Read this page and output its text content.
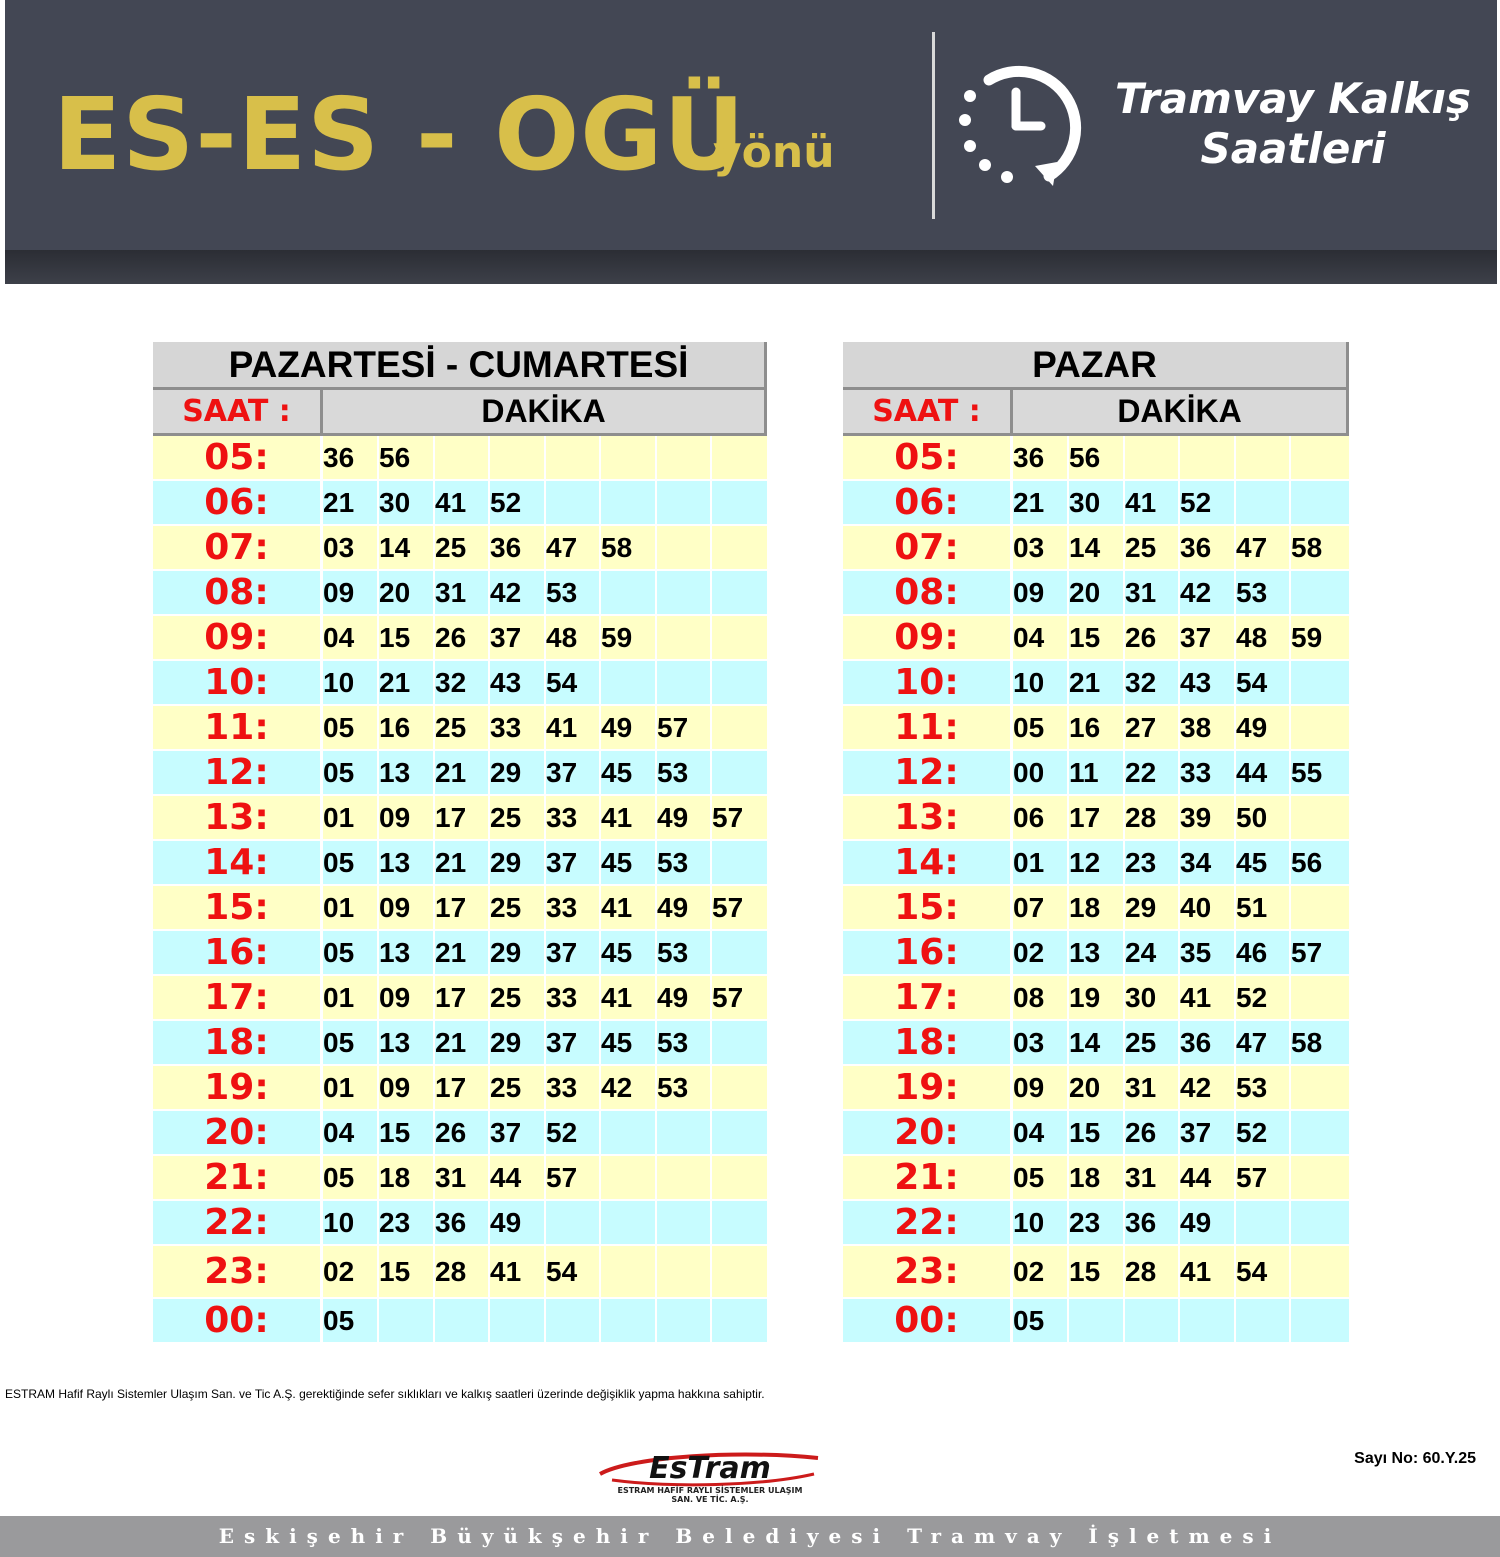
ES-ES - OGÜ
yönü
Tramvay Kalkış
Saatleri
PAZARTESİ - CUMARTESİ								
SAAT :	DAKİKA							
05:	36	56						
06:	21	30	41	52				
07:	03	14	25	36	47	58		
08:	09	20	31	42	53			
09:	04	15	26	37	48	59		
10:	10	21	32	43	54			
11:	05	16	25	33	41	49	57	
12:	05	13	21	29	37	45	53	
13:	01	09	17	25	33	41	49	57
14:	05	13	21	29	37	45	53	
15:	01	09	17	25	33	41	49	57
16:	05	13	21	29	37	45	53	
17:	01	09	17	25	33	41	49	57
18:	05	13	21	29	37	45	53	
19:	01	09	17	25	33	42	53	
20:	04	15	26	37	52			
21:	05	18	31	44	57			
22:	10	23	36	49				
23:	02	15	28	41	54			
00:	05							
PAZAR						
SAAT :	DAKİKA					
05:	36	56				
06:	21	30	41	52		
07:	03	14	25	36	47	58
08:	09	20	31	42	53	
09:	04	15	26	37	48	59
10:	10	21	32	43	54	
11:	05	16	27	38	49	
12:	00	11	22	33	44	55
13:	06	17	28	39	50	
14:	01	12	23	34	45	56
15:	07	18	29	40	51	
16:	02	13	24	35	46	57
17:	08	19	30	41	52	
18:	03	14	25	36	47	58
19:	09	20	31	42	53	
20:	04	15	26	37	52	
21:	05	18	31	44	57	
22:	10	23	36	49		
23:	02	15	28	41	54	
00:	05					
ESTRAM Hafif Raylı Sistemler Ulaşım San. ve Tic A.Ş. gerektiğinde sefer sıklıkları ve kalkış saatleri üzerinde değişiklik yapma hakkına sahiptir.
EsTram
ESTRAM HAFİF RAYLI SİSTEMLER ULAŞIM
SAN. VE TİC. A.Ş.
Sayı No: 60.Y.25
Eskişehir Büyükşehir Belediyesi Tramvay İşletmesi
